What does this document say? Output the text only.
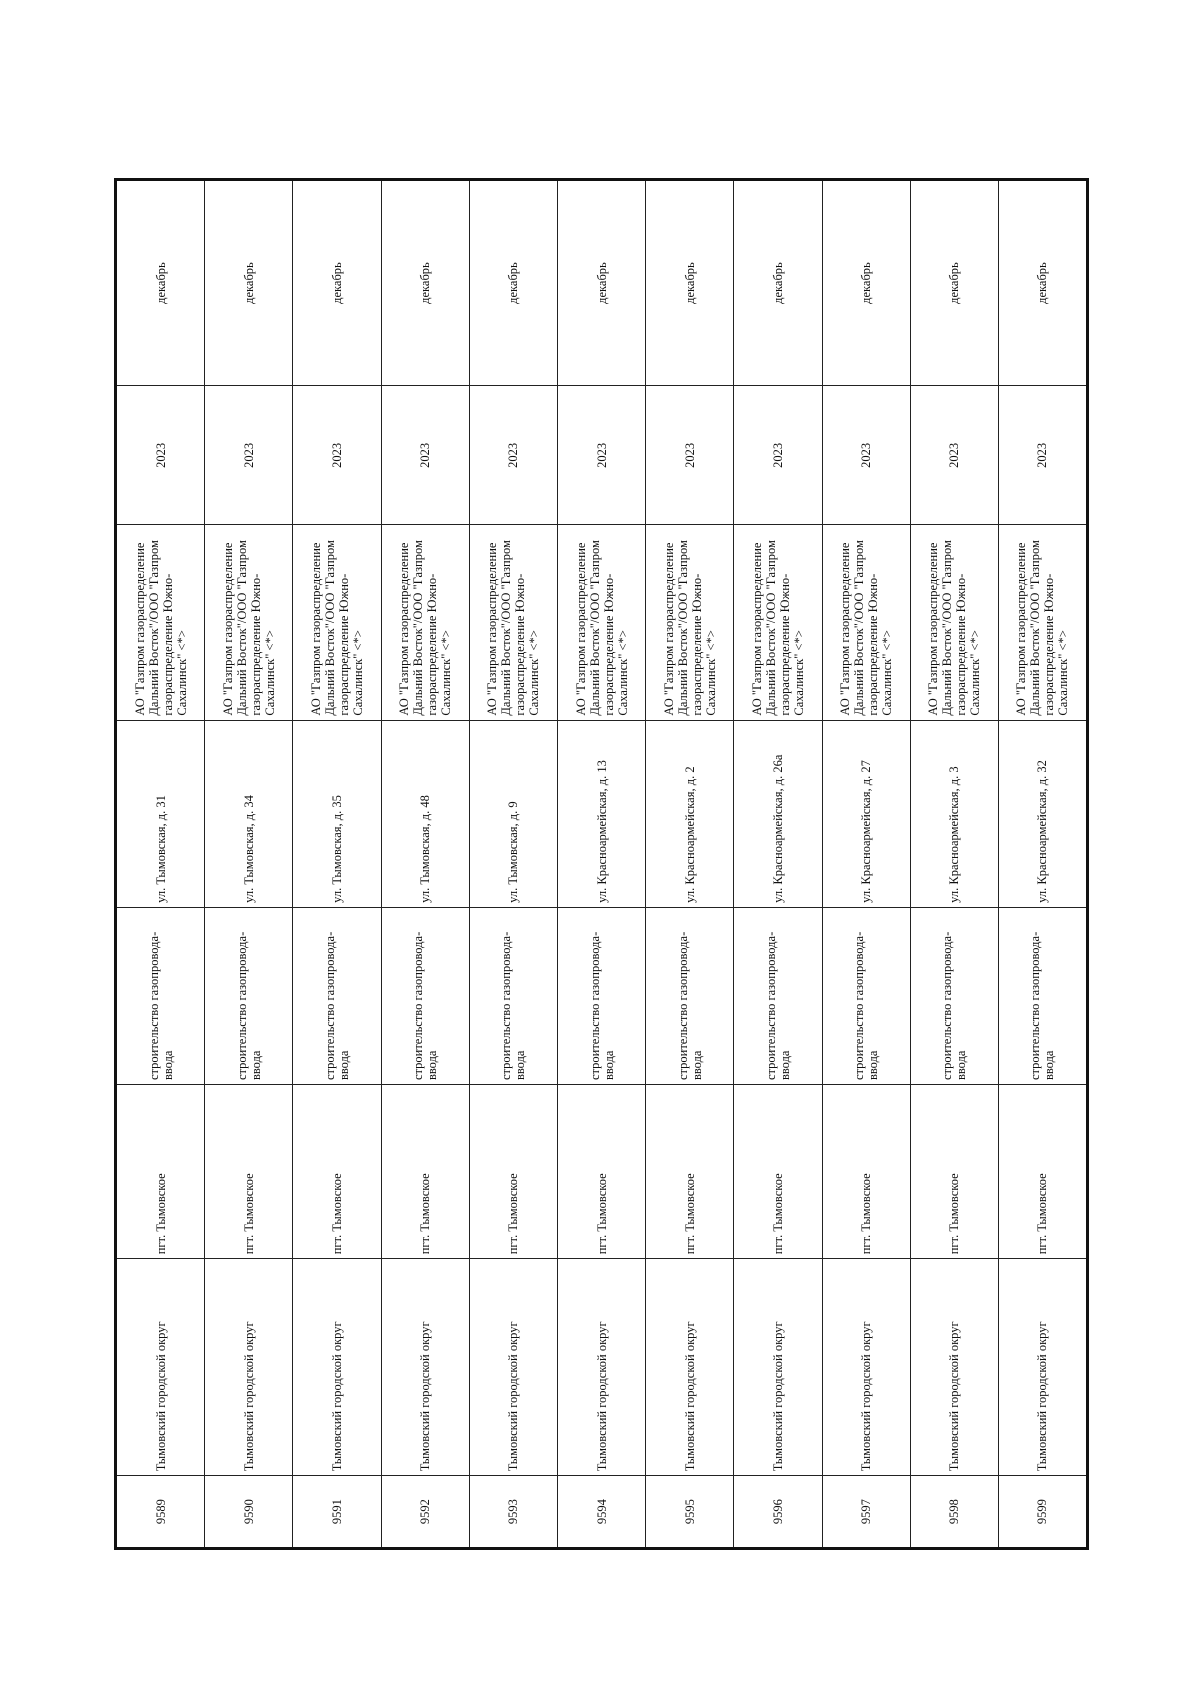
9589
Тымовский городской округ
пгт. Тымовское
строительство газопровода-ввода
ул. Тымовская, д. 31
АО "Газпром газораспределение Дальний Восток"/ООО "Газпром газораспределение Южно-Сахалинск" <*>
2023
декабрь
9590
Тымовский городской округ
пгт. Тымовское
строительство газопровода-ввода
ул. Тымовская, д. 34
АО "Газпром газораспределение Дальний Восток"/ООО "Газпром газораспределение Южно-Сахалинск" <*>
2023
декабрь
9591
Тымовский городской округ
пгт. Тымовское
строительство газопровода-ввода
ул. Тымовская, д. 35
АО "Газпром газораспределение Дальний Восток"/ООО "Газпром газораспределение Южно-Сахалинск" <*>
2023
декабрь
9592
Тымовский городской округ
пгт. Тымовское
строительство газопровода-ввода
ул. Тымовская, д. 48
АО "Газпром газораспределение Дальний Восток"/ООО "Газпром газораспределение Южно-Сахалинск" <*>
2023
декабрь
9593
Тымовский городской округ
пгт. Тымовское
строительство газопровода-ввода
ул. Тымовская, д. 9
АО "Газпром газораспределение Дальний Восток"/ООО "Газпром газораспределение Южно-Сахалинск" <*>
2023
декабрь
9594
Тымовский городской округ
пгт. Тымовское
строительство газопровода-ввода
ул. Красноармейская, д. 13
АО "Газпром газораспределение Дальний Восток"/ООО "Газпром газораспределение Южно-Сахалинск" <*>
2023
декабрь
9595
Тымовский городской округ
пгт. Тымовское
строительство газопровода-ввода
ул. Красноармейская, д. 2
АО "Газпром газораспределение Дальний Восток"/ООО "Газпром газораспределение Южно-Сахалинск" <*>
2023
декабрь
9596
Тымовский городской округ
пгт. Тымовское
строительство газопровода-ввода
ул. Красноармейская, д. 26а
АО "Газпром газораспределение Дальний Восток"/ООО "Газпром газораспределение Южно-Сахалинск" <*>
2023
декабрь
9597
Тымовский городской округ
пгт. Тымовское
строительство газопровода-ввода
ул. Красноармейская, д. 27
АО "Газпром газораспределение Дальний Восток"/ООО "Газпром газораспределение Южно-Сахалинск" <*>
2023
декабрь
9598
Тымовский городской округ
пгт. Тымовское
строительство газопровода-ввода
ул. Красноармейская, д. 3
АО "Газпром газораспределение Дальний Восток"/ООО "Газпром газораспределение Южно-Сахалинск" <*>
2023
декабрь
9599
Тымовский городской округ
пгт. Тымовское
строительство газопровода-ввода
ул. Красноармейская, д. 32
АО "Газпром газораспределение Дальний Восток"/ООО "Газпром газораспределение Южно-Сахалинск" <*>
2023
декабрь
